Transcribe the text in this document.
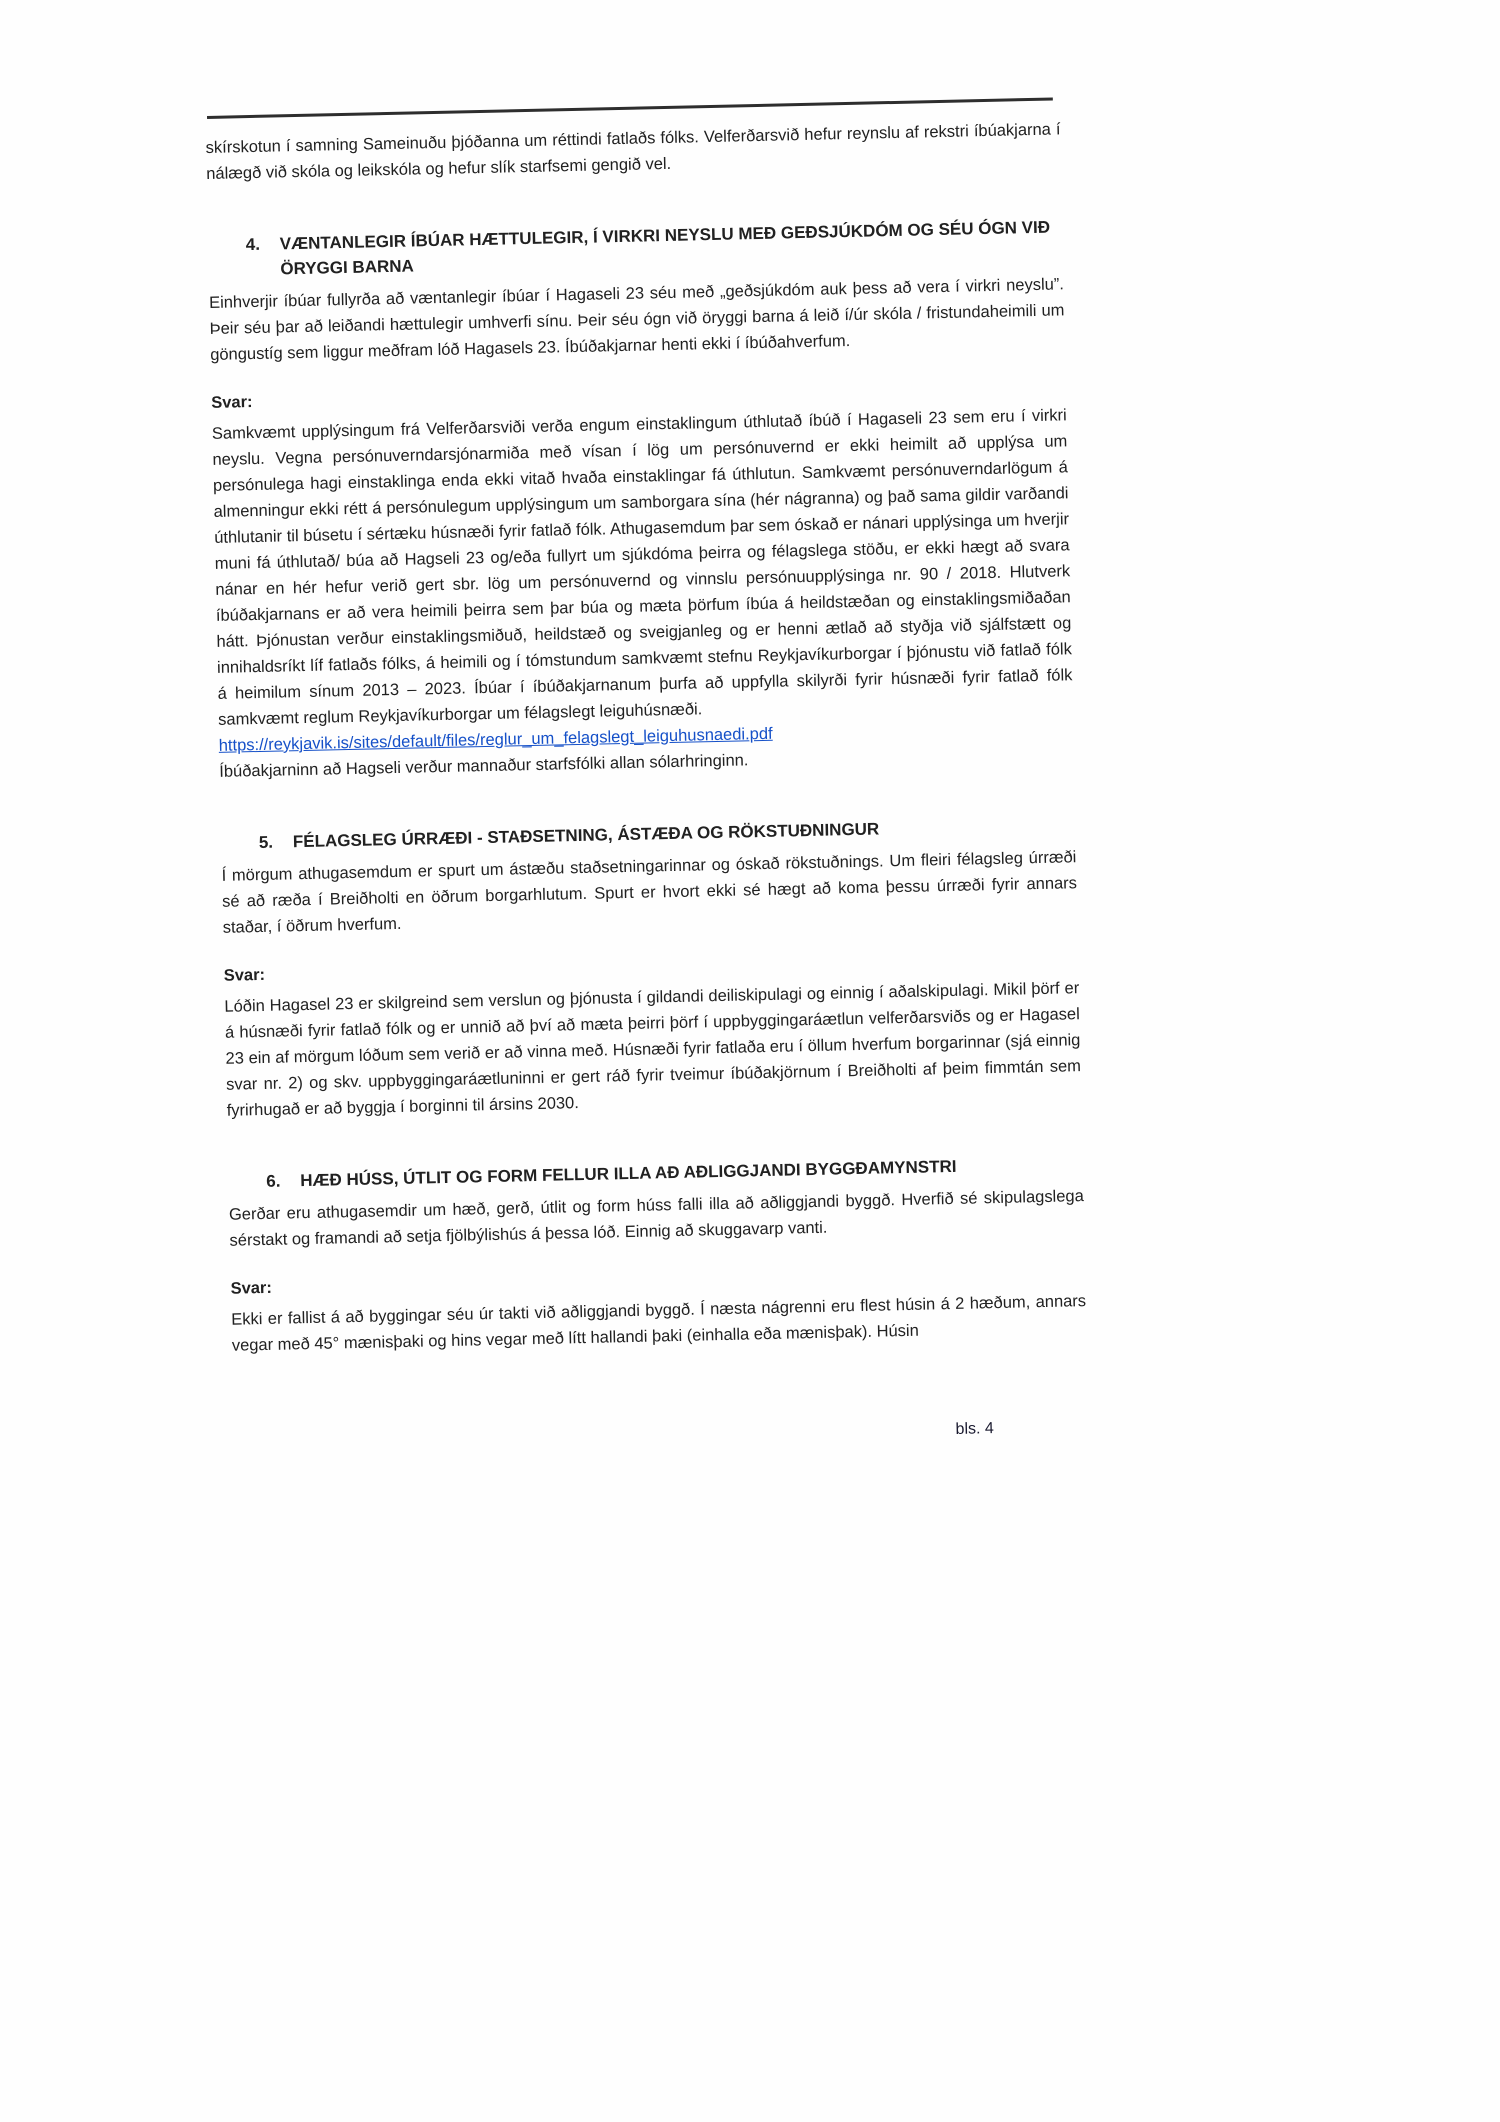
skírskotun í samning Sameinuðu þjóðanna um réttindi fatlaðs fólks. Velferðarsvið hefur reynslu af rekstri íbúakjarna í nálægð við skóla og leikskóla og hefur slík starfsemi gengið vel.

4.	VÆNTANLEGIR ÍBÚAR HÆTTULEGIR, Í VIRKRI NEYSLU MEÐ GEÐSJÚKDÓM OG SÉU ÓGN VIÐ ÖRYGGI BARNA

Einhverjir íbúar fullyrða að væntanlegir íbúar í Hagaseli 23 séu með „geðsjúkdóm auk þess að vera í virkri neyslu”. Þeir séu þar að leiðandi hættulegir umhverfi sínu. Þeir séu ógn við öryggi barna á leið í/úr skóla / fristundaheimili um göngustíg sem liggur meðfram lóð Hagasels 23. Íbúðakjarnar henti ekki í íbúðahverfum.

Svar:

Samkvæmt upplýsingum frá Velferðarsviði verða engum einstaklingum úthlutað íbúð í Hagaseli 23 sem eru í virkri neyslu. Vegna persónuverndarsjónarmiða með vísan í lög um persónuvernd er ekki heimilt að upplýsa um persónulega hagi einstaklinga enda ekki vitað hvaða einstaklingar fá úthlutun. Samkvæmt persónuverndarlögum á almenningur ekki rétt á persónulegum upplýsingum um samborgara sína (hér nágranna) og það sama gildir varðandi úthlutanir til búsetu í sértæku húsnæði fyrir fatlað fólk. Athugasemdum þar sem óskað er nánari upplýsinga um hverjir muni fá úthlutað/ búa að Hagseli 23 og/eða fullyrt um sjúkdóma þeirra og félagslega stöðu, er ekki hægt að svara nánar en hér hefur verið gert sbr. lög um persónuvernd og vinnslu persónuupplýsinga nr. 90 / 2018. Hlutverk íbúðakjarnans er að vera heimili þeirra sem þar búa og mæta þörfum íbúa á heildstæðan og einstaklingsmiðaðan hátt. Þjónustan verður einstaklingsmiðuð, heildstæð og sveigjanleg og er henni ætlað að styðja við sjálfstætt og innihaldsríkt líf fatlaðs fólks, á heimili og í tómstundum samkvæmt stefnu Reykjavíkurborgar í þjónustu við fatlað fólk á heimilum sínum 2013 – 2023. Íbúar í íbúðakjarnanum þurfa að uppfylla skilyrði fyrir húsnæði fyrir fatlað fólk samkvæmt reglum Reykjavíkurborgar um félagslegt leiguhúsnæði.

https://reykjavik.is/sites/default/files/reglur_um_felagslegt_leiguhusnaedi.pdf

Íbúðakjarninn að Hagseli verður mannaður starfsfólki allan sólarhringinn.

5.	FÉLAGSLEG ÚRRÆÐI - STAÐSETNING, ÁSTÆÐA OG RÖKSTUÐNINGUR

Í mörgum athugasemdum er spurt um ástæðu staðsetningarinnar og óskað rökstuðnings. Um fleiri félagsleg úrræði sé að ræða í Breiðholti en öðrum borgarhlutum. Spurt er hvort ekki sé hægt að koma þessu úrræði fyrir annars staðar, í öðrum hverfum.

Svar:

Lóðin Hagasel 23 er skilgreind sem verslun og þjónusta í gildandi deiliskipulagi og einnig í aðalskipulagi. Mikil þörf er á húsnæði fyrir fatlað fólk og er unnið að því að mæta þeirri þörf í uppbyggingaráætlun velferðarsviðs og er Hagasel 23 ein af mörgum lóðum sem verið er að vinna með. Húsnæði fyrir fatlaða eru í öllum hverfum borgarinnar (sjá einnig svar nr. 2) og skv. uppbyggingaráætluninni er gert ráð fyrir tveimur íbúðakjörnum í Breiðholti af þeim fimmtán sem fyrirhugað er að byggja í borginni til ársins 2030.

6.	HÆÐ HÚSS, ÚTLIT OG FORM FELLUR ILLA AÐ AÐLIGGJANDI BYGGÐAMYNSTRI

Gerðar eru athugasemdir um hæð, gerð, útlit og form húss falli illa að aðliggjandi byggð. Hverfið sé skipulagslega sérstakt og framandi að setja fjölbýlishús á þessa lóð. Einnig að skuggavarp vanti.

Svar:

Ekki er fallist á að byggingar séu úr takti við aðliggjandi byggð. Í næsta nágrenni eru flest húsin á 2 hæðum, annars vegar með 45° mænisþaki og hins vegar með lítt hallandi þaki (einhalla eða mænisþak). Húsin

bls. 4
